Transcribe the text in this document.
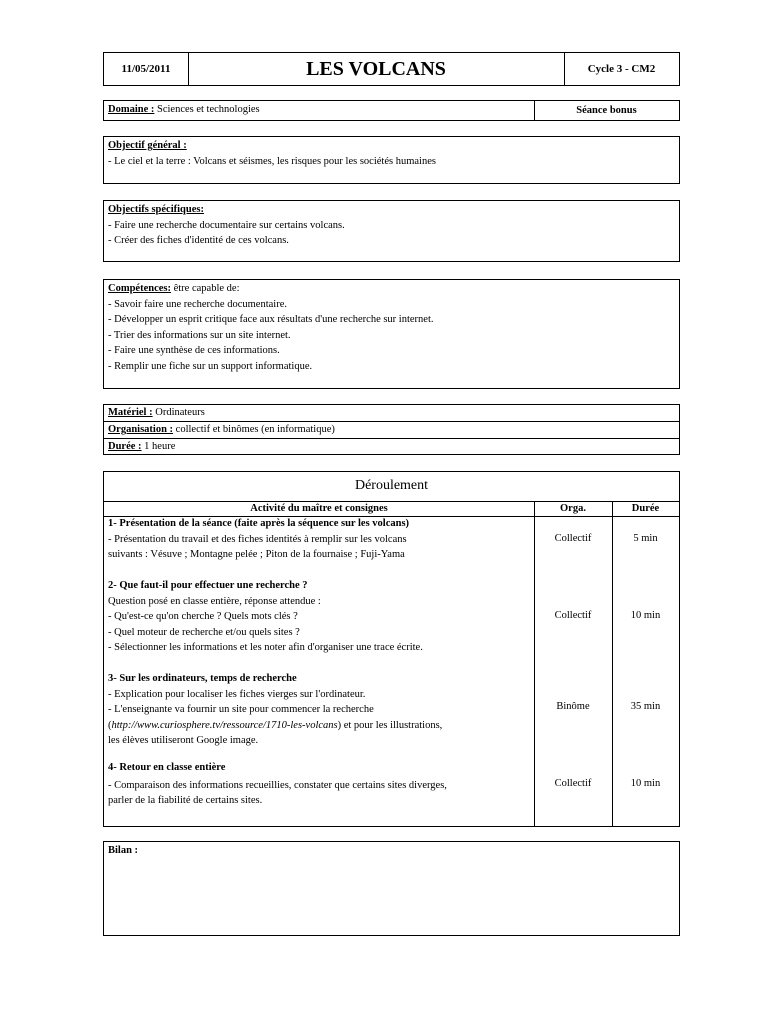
11/05/2011	LES VOLCANS	Cycle 3 - CM2
Domaine : Sciences et technologies	Séance bonus
Objectif général :
- Le ciel et la terre : Volcans et séismes, les risques pour les sociétés humaines
Objectifs spécifiques:
- Faire une recherche documentaire sur certains volcans.
- Créer des fiches d'identité de ces volcans.
Compétences: être capable de:
- Savoir faire une recherche documentaire.
- Développer un esprit critique face aux résultats d'une recherche sur internet.
- Trier des informations sur un site internet.
- Faire une synthèse de ces informations.
- Remplir une fiche sur un support informatique.
Matériel : Ordinateurs
Organisation : collectif et binômes (en informatique)
Durée : 1 heure
Déroulement
Activité du maître et consignes	Orga.	Durée
1- Présentation de la séance (faite après la séquence sur les volcans)
- Présentation du travail et des fiches identités à remplir sur les volcans
suivants : Vésuve ; Montagne pelée ; Piton de la fournaise ; Fuji-Yama
Collectif	5 min
2- Que faut-il pour effectuer une recherche ?
Question posé en classe entière, réponse attendue :
- Qu'est-ce qu'on cherche ? Quels mots clés ?
- Quel moteur de recherche et/ou quels sites ?
- Sélectionner les informations et les noter afin d'organiser une trace écrite.
Collectif	10 min
3- Sur les ordinateurs, temps de recherche
- Explication pour localiser les fiches vierges sur l'ordinateur.
- L'enseignante va fournir un site pour commencer la recherche
(http://www.curiosphere.tv/ressource/1710-les-volcans) et pour les illustrations,
les élèves utiliseront Google image.
Binôme	35 min
4- Retour en classe entière
- Comparaison des informations recueillies, constater que certains sites diverges,
parler de la fiabilité de certains sites.
Collectif	10 min
Bilan :
